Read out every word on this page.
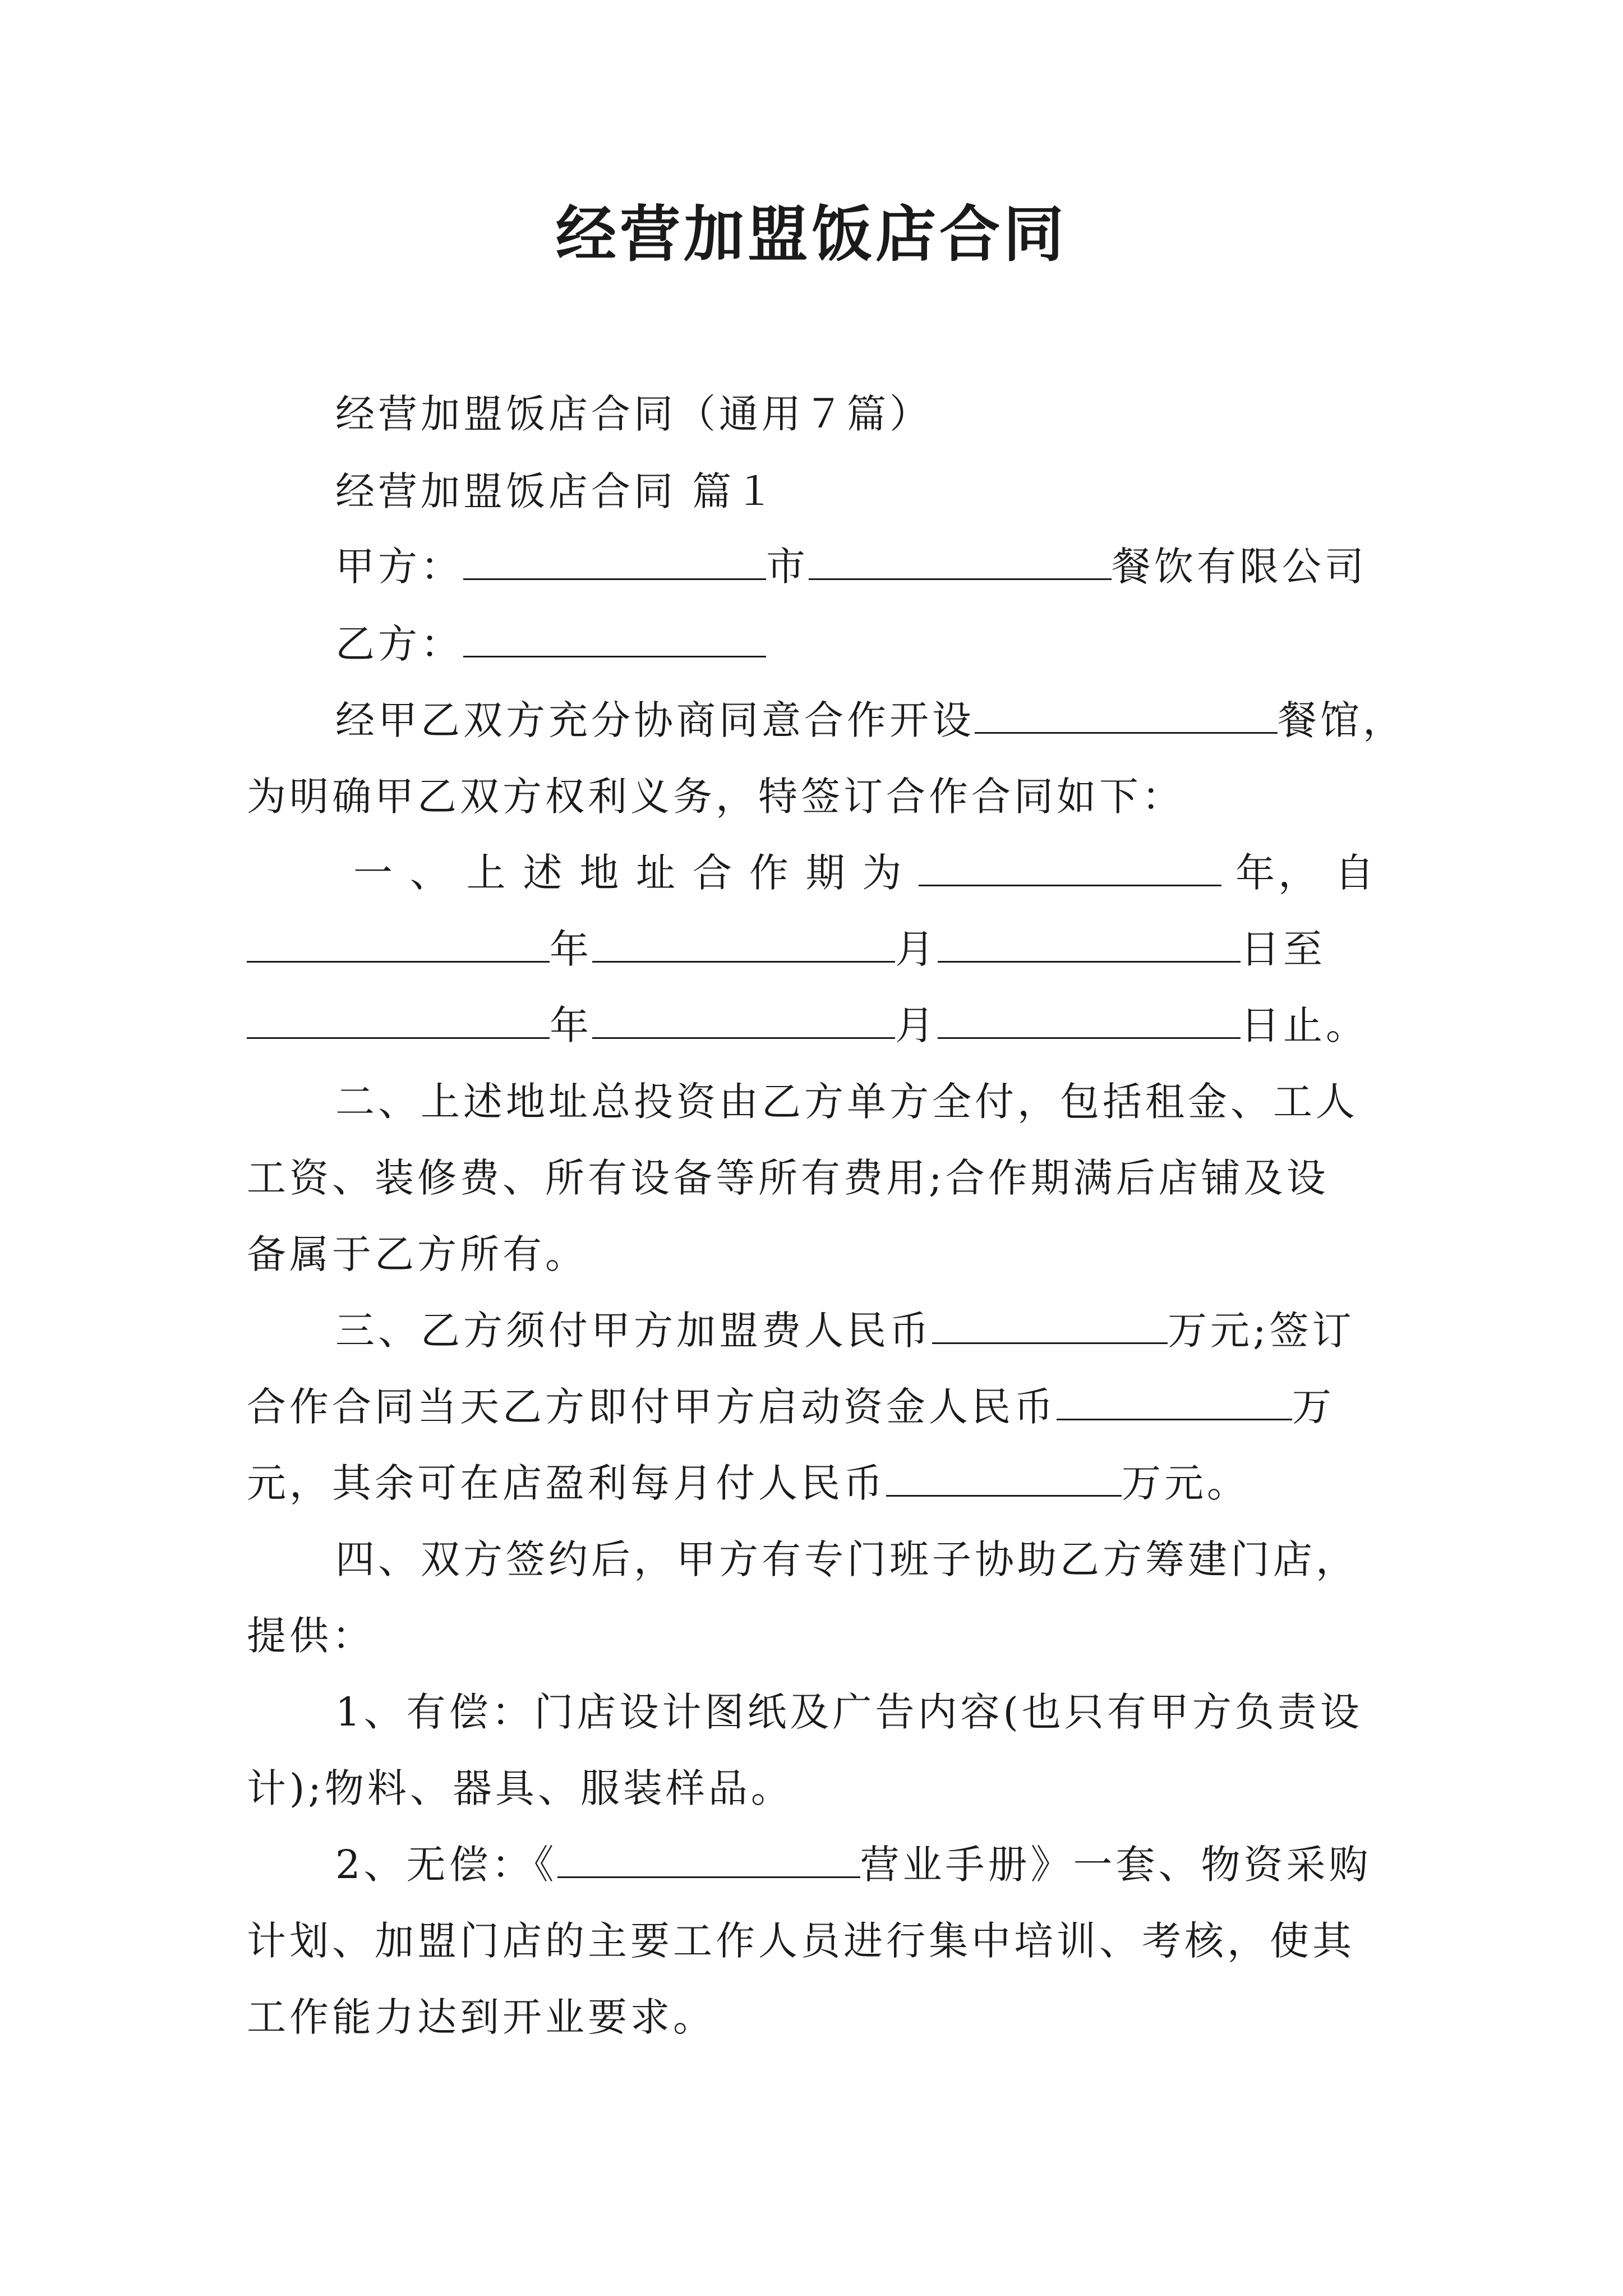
经营加盟饭店合同
经营加盟饭店合同（通用７篇）
经营加盟饭店合同 篇１
甲方：	市	餐饮有限公司
乙方：
经甲乙双方充分协商同意合作开设	餐馆，
为明确甲乙双方权利义务，特签订合作合同如下：
一 、 上 述 地 址 合 作 期 为	年， 自
年	月	日至
年	月	日止。
二、上述地址总投资由乙方单方全付，包括租金、工人
工资、装修费、所有设备等所有费用;合作期满后店铺及设
备属于乙方所有。
三、乙方须付甲方加盟费人民币	万元;签订
合作合同当天乙方即付甲方启动资金人民币	万
元，其余可在店盈利每月付人民币	万元。
四、双方签约后，甲方有专门班子协助乙方筹建门店，
提供：
1、有偿：门店设计图纸及广告内容(也只有甲方负责设
计);物料、器具、服装样品。
2、无偿：《	营业手册》一套、物资采购
计划、加盟门店的主要工作人员进行集中培训、考核，使其
工作能力达到开业要求。
